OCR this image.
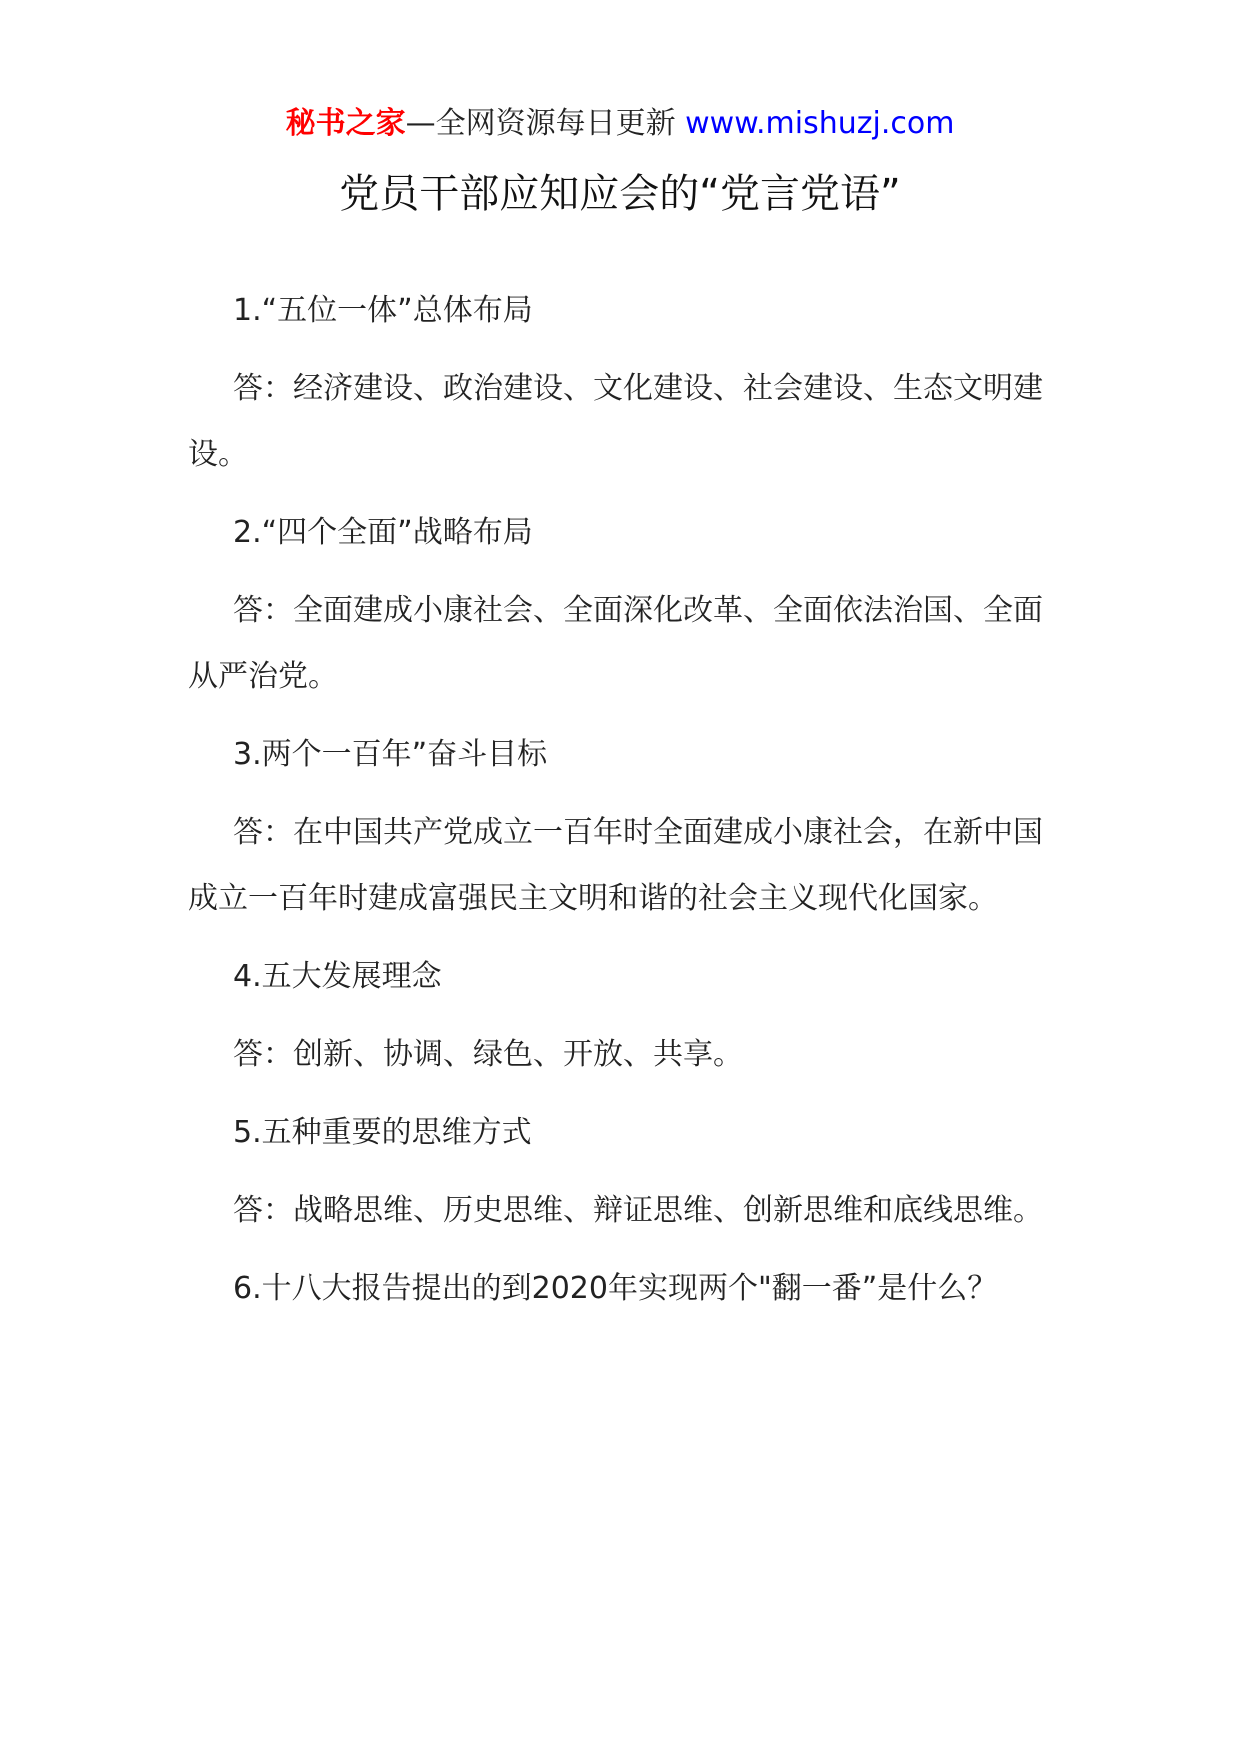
秘书之家—全网资源每日更新 www.mishuzj.com
党员干部应知应会的“党言党语”

1.“五位一体”总体布局

答：经济建设、政治建设、文化建设、社会建设、生态文明建设。

2.“四个全面”战略布局

答：全面建成小康社会、全面深化改革、全面依法治国、全面从严治党。

3.两个一百年”奋斗目标

答：在中国共产党成立一百年时全面建成小康社会，在新中国成立一百年时建成富强民主文明和谐的社会主义现代化国家。

4.五大发展理念

答：创新、协调、绿色、开放、共享。

5.五种重要的思维方式

答：战略思维、历史思维、辩证思维、创新思维和底线思维。

6.十八大报告提出的到2020年实现两个"翻一番”是什么？
